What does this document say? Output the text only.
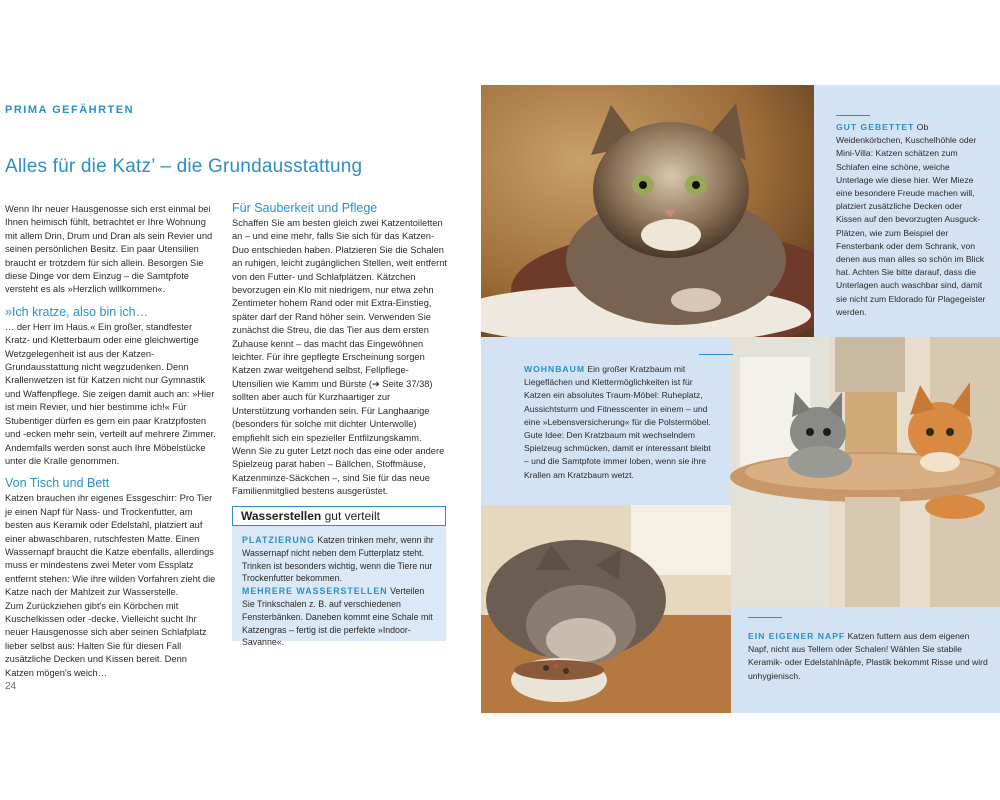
PRIMA GEFÄHRTEN
Alles für die Katz’ – die Grundausstattung

Wenn Ihr neuer Hausgenosse sich erst einmal bei Ihnen heimisch fühlt, betrachtet er Ihre Wohnung mit allem Drin, Drum und Dran als sein Revier und seinen persönlichen Besitz. Ein paar Utensilien braucht er trotzdem für sich allein. Besorgen Sie diese Dinge vor dem Einzug – die Samtpfote versteht es als »Herzlich willkommen«.

»Ich kratze, also bin ich…

… der Herr im Haus.« Ein großer, standfester Kratz- und Kletterbaum oder eine gleichwertige Wetzgelegenheit ist aus der Katzen-Grundausstattung nicht wegzudenken. Denn Krallenwetzen ist für Katzen nicht nur Gymnastik und Waffenpflege. Sie zeigen damit auch an: »Hier ist mein Revier, und hier bestimme ich!« Für Stubentiger dürfen es gern ein paar Kratzpfosten und -ecken mehr sein, verteilt auf mehrere Zimmer. Andernfalls werden sonst auch Ihre Möbelstücke unter die Kralle genommen.

Von Tisch und Bett

Katzen brauchen ihr eigenes Essgeschirr: Pro Tier je einen Napf für Nass- und Trockenfutter, am besten aus Keramik oder Edelstahl, platziert auf einer abwaschbaren, rutschfesten Matte. Einen Wassernapf braucht die Katze ebenfalls, allerdings muss er mindestens zwei Meter vom Essplatz entfernt stehen: Wie ihre wilden Vorfahren zieht die Katze nach der Mahlzeit zur Wasserstelle.

Zum Zurückziehen gibt's ein Körbchen mit Kuschelkissen oder -decke. Vielleicht sucht Ihr neuer Hausgenosse sich aber seinen Schlafplatz lieber selbst aus: Halten Sie für diesen Fall zusätzliche Decken und Kissen bereit. Denn Katzen mögen's weich…

Für Sauberkeit und Pflege

Schaffen Sie am besten gleich zwei Katzentoiletten an – und eine mehr, falls Sie sich für das Katzen-Duo entschieden haben. Platzieren Sie die Schalen an ruhigen, leicht zugänglichen Stellen, weit entfernt von den Futter- und Schlafplätzen. Kätzchen bevorzugen ein Klo mit niedrigem, nur etwa zehn Zentimeter hohem Rand oder mit Extra-Einstieg, später darf der Rand höher sein. Verwenden Sie zunächst die Streu, die das Tier aus dem ersten Zuhause kennt – das macht das Eingewöhnen leichter. Für ihre gepflegte Erscheinung sorgen Katzen zwar weitgehend selbst, Fellpflege-Utensilien wie Kamm und Bürste (➔ Seite 37/38) sollten aber auch für Kurzhaartiger zur Unterstützung vorhanden sein. Für Langhaarige (besonders für solche mit dichter Unterwolle) empfiehlt sich ein spezieller Entfilzungskamm. Wenn Sie zu guter Letzt noch das eine oder andere Spielzeug parat haben – Bällchen, Stoffmäuse, Katzenminze-Säckchen –, sind Sie für das neue Familienmitglied bestens ausgerüstet.

Wasserstellen gut verteilt
PLATZIERUNG Katzen trinken mehr, wenn ihr Wassernapf nicht neben dem Futterplatz steht. Trinken ist besonders wichtig, wenn die Tiere nur Trockenfutter bekommen.
MEHRERE WASSERSTELLEN Verteilen Sie Trinkschalen z. B. auf verschiedenen Fensterbänken. Daneben kommt eine Schale mit Katzengras – fertig ist die perfekte »Indoor-Savanne«.
24
GUT GEBETTET Ob Weidenkörbchen, Kuschelhöhle oder Mini-Villa: Katzen schätzen zum Schlafen eine schöne, weiche Unterlage wie diese hier. Wer Mieze eine besondere Freude machen will, platziert zusätzliche Decken oder Kissen auf den bevorzugten Ausguck-Plätzen, wie zum Beispiel der Fensterbank oder dem Schrank, von denen aus man alles so schön im Blick hat. Achten Sie bitte darauf, dass die Unterlagen auch waschbar sind, damit sie nicht zum Eldorado für Plagegeister werden.
WOHNBAUM Ein großer Kratzbaum mit Liegeflächen und Klettermöglichkeiten ist für Katzen ein absolutes Traum-Möbel: Ruheplatz, Aussichtsturm und Fitnesscenter in einem – und eine »Lebensversicherung« für die Polstermöbel. Gute Idee: Den Kratzbaum mit wechselndem Spielzeug schmücken, damit er interessant bleibt – und die Samtpfote immer loben, wenn sie ihre Krallen am Kratzbaum wetzt.
EIN EIGENER NAPF Katzen futtern aus dem eigenen Napf, nicht aus Tellern oder Schalen! Wählen Sie stabile Keramik- oder Edelstahlnäpfe, Plastik bekommt Risse und wird unhygienisch.
